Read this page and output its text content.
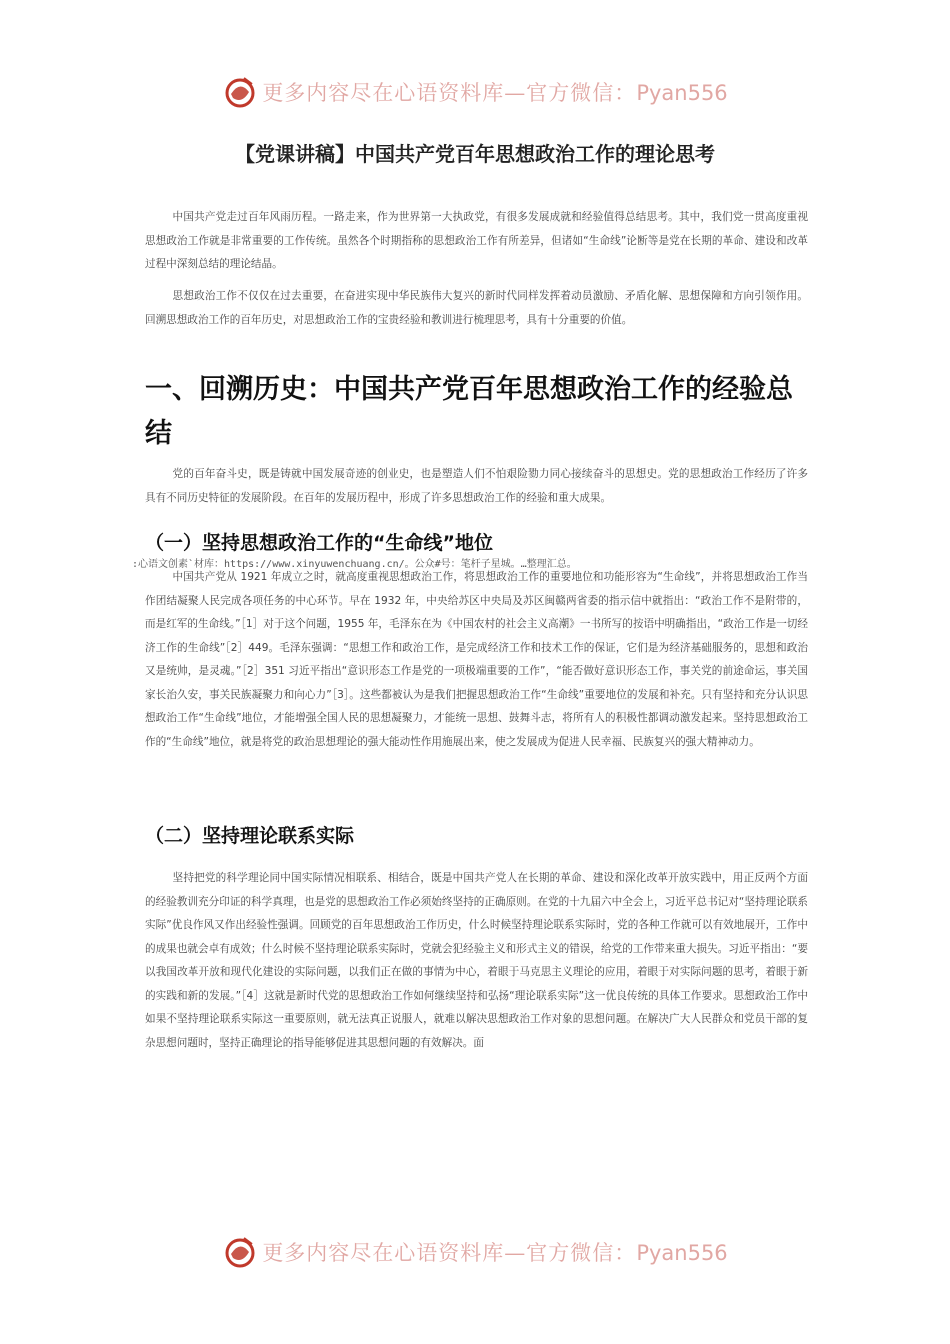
更多内容尽在心语资料库—官方微信：Pyan556
【党课讲稿】中国共产党百年思想政治工作的理论思考

中国共产党走过百年风雨历程。一路走来，作为世界第一大执政党，有很多发展成就和经验值得总结思考。其中，我们党一贯高度重视思想政治工作就是非常重要的工作传统。虽然各个时期指称的思想政治工作有所差异，但诸如“生命线”论断等是党在长期的革命、建设和改革过程中深刻总结的理论结晶。

思想政治工作不仅仅在过去重要，在奋进实现中华民族伟大复兴的新时代同样发挥着动员激励、矛盾化解、思想保障和方向引领作用。回溯思想政治工作的百年历史，对思想政治工作的宝贵经验和教训进行梳理思考，具有十分重要的价值。

一、回溯历史：中国共产党百年思想政治工作的经验总结

党的百年奋斗史，既是铸就中国发展奇迹的创业史，也是塑造人们不怕艰险勠力同心接续奋斗的思想史。党的思想政治工作经历了许多具有不同历史特征的发展阶段。在百年的发展历程中，形成了许多思想政治工作的经验和重大成果。

（一）坚持思想政治工作的“生命线”地位
:心语文创素`材库：https://www.xinyuwenchuang.cn/。公众#号：笔杆子星城。…整理汇总。

中国共产党从 1921 年成立之时，就高度重视思想政治工作，将思想政治工作的重要地位和功能形容为“生命线”，并将思想政治工作当作团结凝聚人民完成各项任务的中心环节。早在 1932 年，中央给苏区中央局及苏区闽赣两省委的指示信中就指出：“政治工作不是附带的，而是红军的生命线。”［1］对于这个问题，1955 年，毛泽东在为《中国农村的社会主义高潮》一书所写的按语中明确指出，“政治工作是一切经济工作的生命线”［2］449。毛泽东强调：“思想工作和政治工作，是完成经济工作和技术工作的保证，它们是为经济基础服务的，思想和政治又是统帅，是灵魂。”［2］351 习近平指出“意识形态工作是党的一项极端重要的工作”，“能否做好意识形态工作，事关党的前途命运，事关国家长治久安，事关民族凝聚力和向心力”［3］。这些都被认为是我们把握思想政治工作“生命线”重要地位的发展和补充。只有坚持和充分认识思想政治工作“生命线”地位，才能增强全国人民的思想凝聚力，才能统一思想、鼓舞斗志，将所有人的积极性都调动激发起来。坚持思想政治工作的“生命线”地位，就是将党的政治思想理论的强大能动性作用施展出来，使之发展成为促进人民幸福、民族复兴的强大精神动力。

（二）坚持理论联系实际

坚持把党的科学理论同中国实际情况相联系、相结合，既是中国共产党人在长期的革命、建设和深化改革开放实践中，用正反两个方面的经验教训充分印证的科学真理，也是党的思想政治工作必须始终坚持的正确原则。在党的十九届六中全会上，习近平总书记对“坚持理论联系实际”优良作风又作出经验性强调。回顾党的百年思想政治工作历史，什么时候坚持理论联系实际时，党的各种工作就可以有效地展开，工作中的成果也就会卓有成效；什么时候不坚持理论联系实际时，党就会犯经验主义和形式主义的错误，给党的工作带来重大损失。习近平指出：“要以我国改革开放和现代化建设的实际问题，以我们正在做的事情为中心，着眼于马克思主义理论的应用，着眼于对实际问题的思考，着眼于新的实践和新的发展。”［4］这就是新时代党的思想政治工作如何继续坚持和弘扬“理论联系实际”这一优良传统的具体工作要求。思想政治工作中如果不坚持理论联系实际这一重要原则，就无法真正说服人，就难以解决思想政治工作对象的思想问题。在解决广大人民群众和党员干部的复杂思想问题时，坚持正确理论的指导能够促进其思想问题的有效解决。面

更多内容尽在心语资料库—官方微信：Pyan556
